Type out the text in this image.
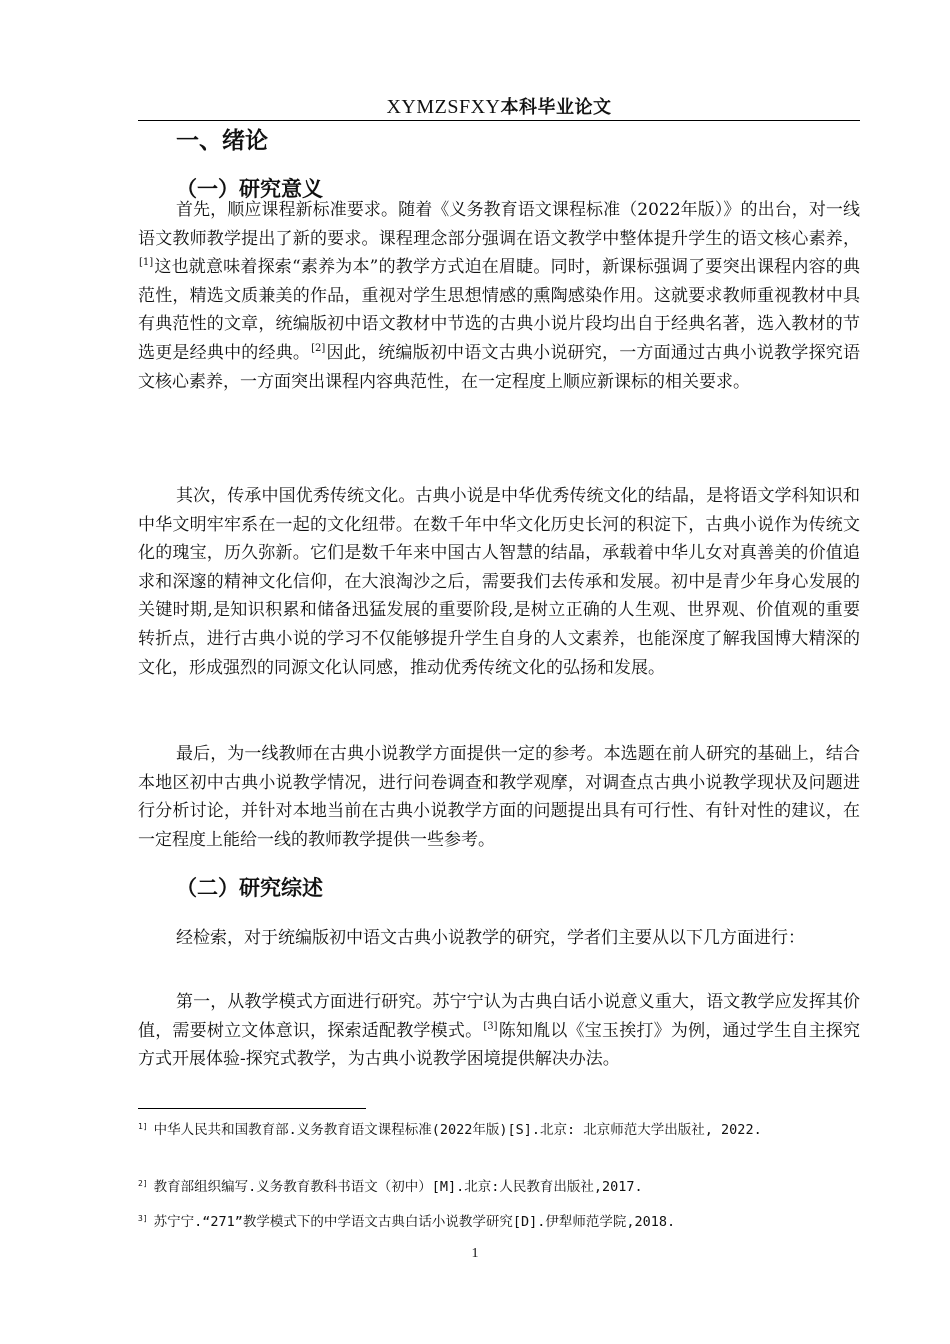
XYMZSFXY本科毕业论文
一、绪论
（一）研究意义

首先，顺应课程新标准要求。随着《义务教育语文课程标准（2022年版）》的出台，对一线语文教师教学提出了新的要求。课程理念部分强调在语文教学中整体提升学生的语文核心素养，[1]这也就意味着探索“素养为本”的教学方式迫在眉睫。同时，新课标强调了要突出课程内容的典范性，精选文质兼美的作品，重视对学生思想情感的熏陶感染作用。这就要求教师重视教材中具有典范性的文章，统编版初中语文教材中节选的古典小说片段均出自于经典名著，选入教材的节选更是经典中的经典。[2]因此，统编版初中语文古典小说研究，一方面通过古典小说教学探究语文核心素养，一方面突出课程内容典范性，在一定程度上顺应新课标的相关要求。

其次，传承中国优秀传统文化。古典小说是中华优秀传统文化的结晶，是将语文学科知识和中华文明牢牢系在一起的文化纽带。在数千年中华文化历史长河的积淀下，古典小说作为传统文化的瑰宝，历久弥新。它们是数千年来中国古人智慧的结晶，承载着中华儿女对真善美的价值追求和深邃的精神文化信仰，在大浪淘沙之后，需要我们去传承和发展。初中是青少年身心发展的关键时期,是知识积累和储备迅猛发展的重要阶段,是树立正确的人生观、世界观、价值观的重要转折点，进行古典小说的学习不仅能够提升学生自身的人文素养，也能深度了解我国博大精深的文化，形成强烈的同源文化认同感，推动优秀传统文化的弘扬和发展。

最后，为一线教师在古典小说教学方面提供一定的参考。本选题在前人研究的基础上，结合本地区初中古典小说教学情况，进行问卷调查和教学观摩，对调查点古典小说教学现状及问题进行分析讨论，并针对本地当前在古典小说教学方面的问题提出具有可行性、有针对性的建议，在一定程度上能给一线的教师教学提供一些参考。

（二）研究综述

经检索，对于统编版初中语文古典小说教学的研究，学者们主要从以下几方面进行：

第一，从教学模式方面进行研究。苏宁宁认为古典白话小说意义重大，语文教学应发挥其价值，需要树立文体意识，探索适配教学模式。[3]陈知胤以《宝玉挨打》为例，通过学生自主探究方式开展体验-探究式教学，为古典小说教学困境提供解决办法。

$^{1]}$ 中华人民共和国教育部.义务教育语文课程标准(2022年版)[S].北京: 北京师范大学出版社, 2022.

$^{2]}$ 教育部组织编写.义务教育教科书语文（初中）[M].北京:人民教育出版社,2017.

$^{3]}$ 苏宁宁.“271”教学模式下的中学语文古典白话小说教学研究[D].伊犁师范学院,2018.

1
